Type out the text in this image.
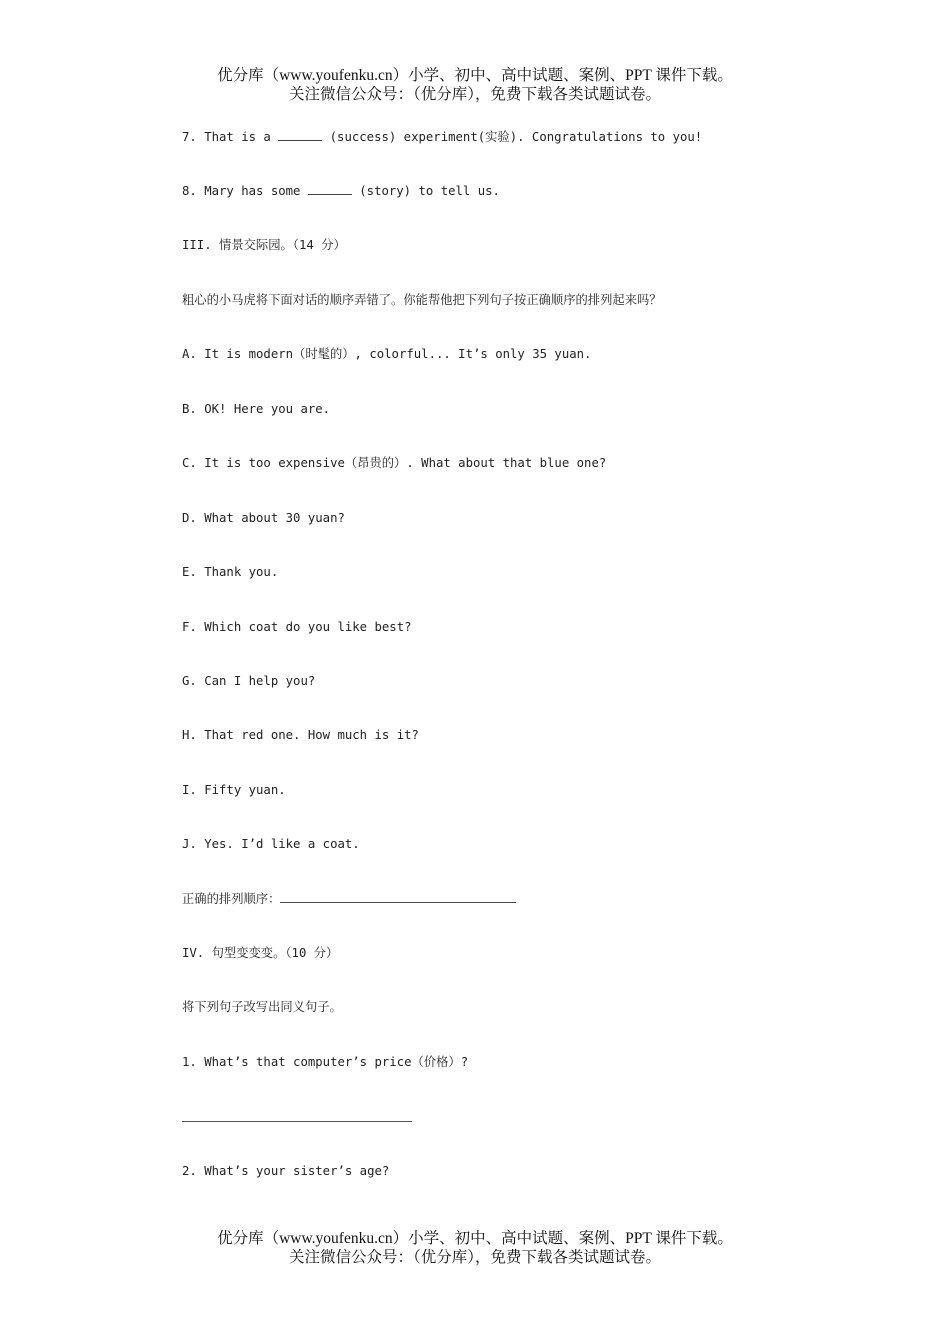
优分库（www.youfenku.cn）小学、初中、高中试题、案例、PPT 课件下载。
关注微信公众号：（优分库），免费下载各类试题试卷。
7. That is a	(success) experiment(实验). Congratulations to you!
8. Mary has some	(story) to tell us.
III. 情景交际园。（14 分）
粗心的小马虎将下面对话的顺序弄错了。你能帮他把下列句子按正确顺序的排列起来吗？
A. It is modern（时髦的）, colorful... It’s only 35 yuan.
B. OK! Here you are.
C. It is too expensive（昂贵的）. What about that blue one?
D. What about 30 yuan?
E. Thank you.
F. Which coat do you like best?
G. Can I help you?
H. That red one. How much is it?
I. Fifty yuan.
J. Yes. I’d like a coat.
正确的排列顺序：
IV. 句型变变变。（10 分）
将下列句子改写出同义句子。
1. What’s that computer’s price（价格）?
2. What’s your sister’s age?
优分库（www.youfenku.cn）小学、初中、高中试题、案例、PPT 课件下载。
关注微信公众号：（优分库），免费下载各类试题试卷。
